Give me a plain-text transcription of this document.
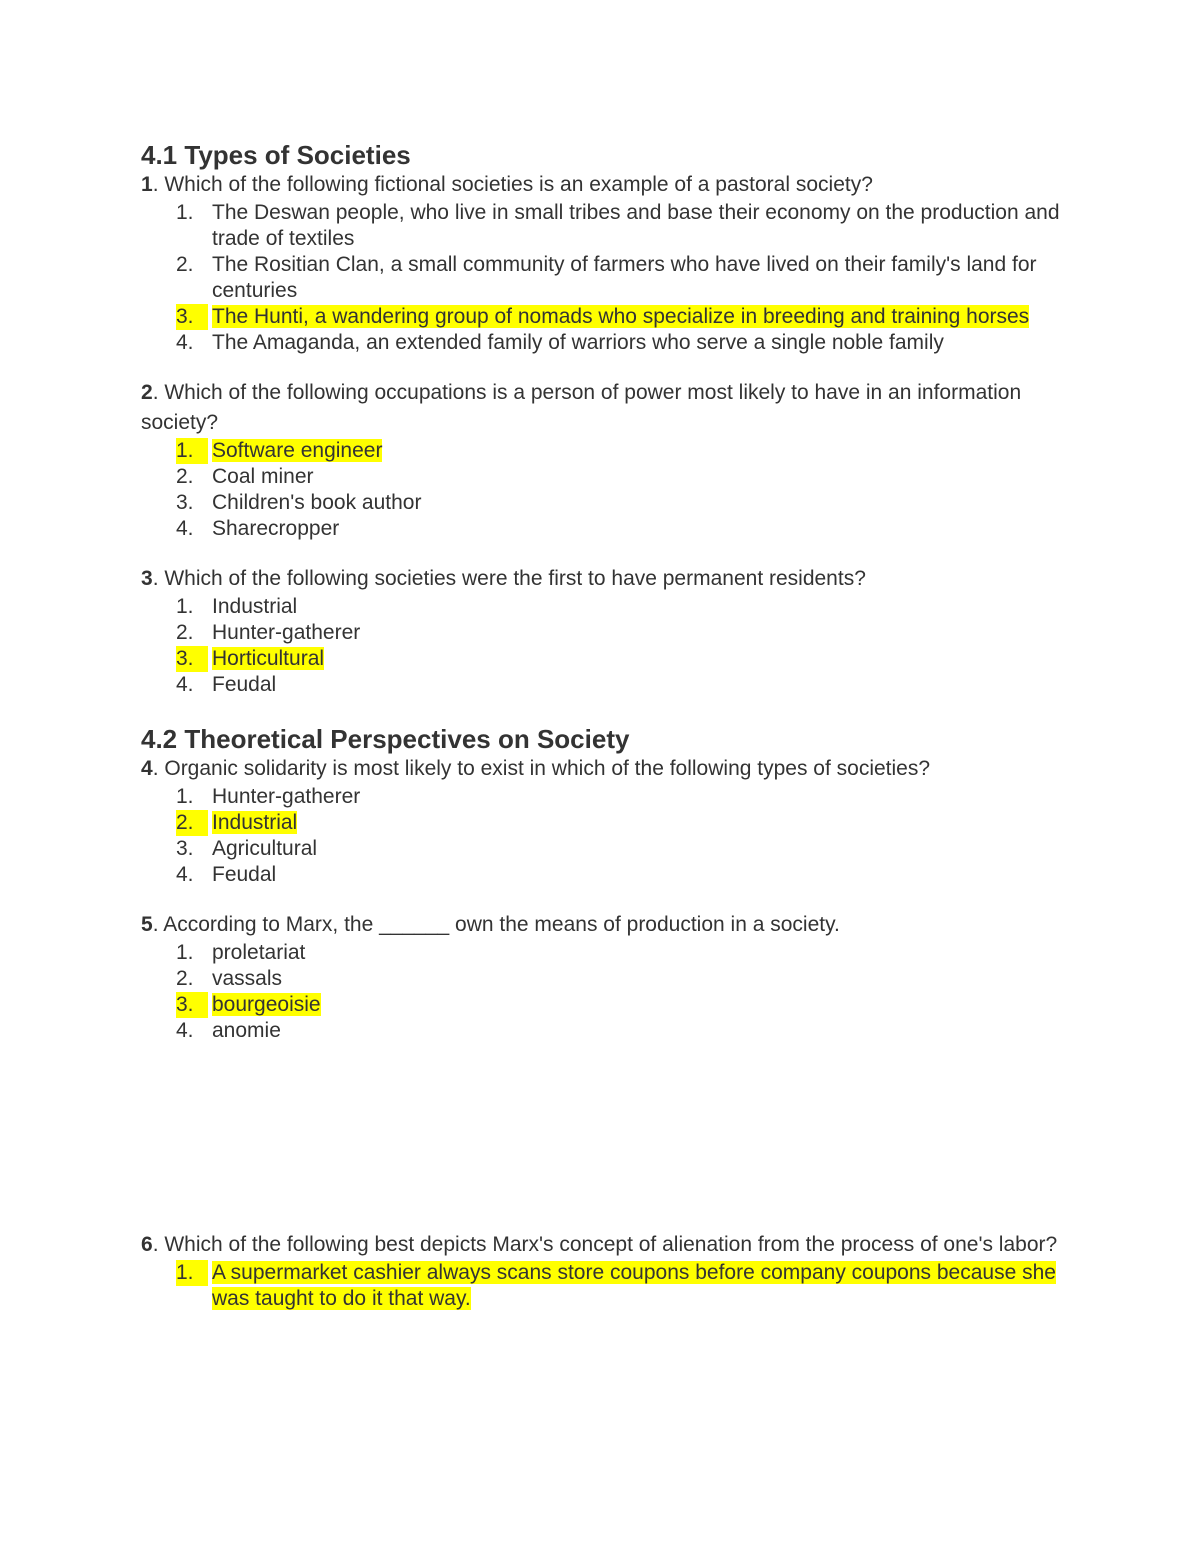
4.1 Types of Societies

1. Which of the following fictional societies is an example of a pastoral society?

1. The Deswan people, who live in small tribes and base their economy on the production and trade of textiles
2. The Rositian Clan, a small community of farmers who have lived on their family's land for centuries
3. The Hunti, a wandering group of nomads who specialize in breeding and training horses
4. The Amaganda, an extended family of warriors who serve a single noble family

2. Which of the following occupations is a person of power most likely to have in an information society?

1. Software engineer
2. Coal miner
3. Children's book author
4. Sharecropper

3. Which of the following societies were the first to have permanent residents?

1. Industrial
2. Hunter-gatherer
3. Horticultural
4. Feudal
4.2 Theoretical Perspectives on Society

4. Organic solidarity is most likely to exist in which of the following types of societies?

1. Hunter-gatherer
2. Industrial
3. Agricultural
4. Feudal

5. According to Marx, the ______ own the means of production in a society.

1. proletariat
2. vassals
3. bourgeoisie
4. anomie

6. Which of the following best depicts Marx's concept of alienation from the process of one's labor?

1. A supermarket cashier always scans store coupons before company coupons because she was taught to do it that way.
